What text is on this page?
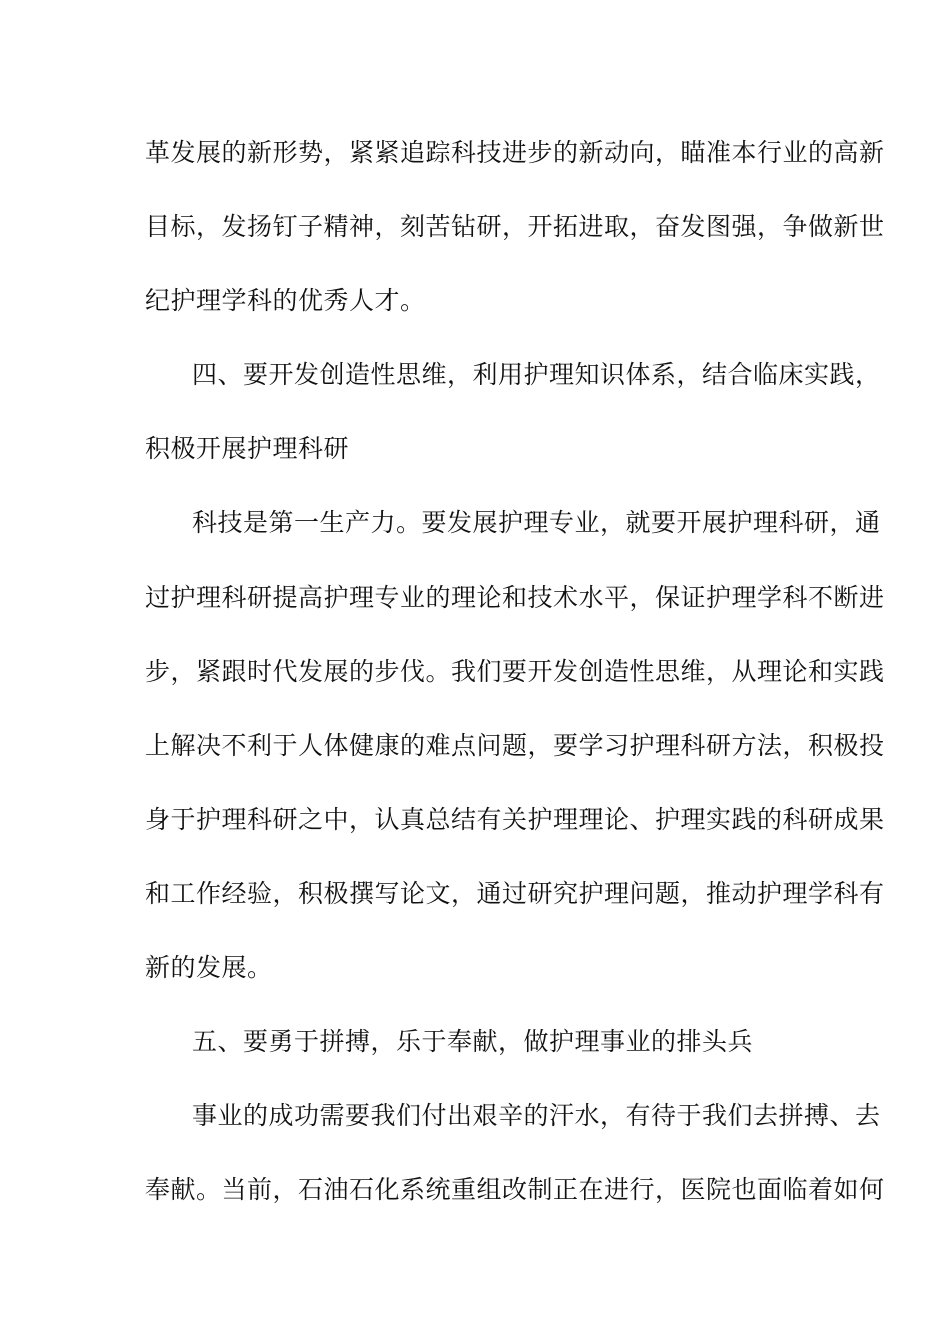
革发展的新形势，紧紧追踪科技进步的新动向，瞄准本行业的高新
目标，发扬钉子精神，刻苦钻研，开拓进取，奋发图强，争做新世
纪护理学科的优秀人才。
四、要开发创造性思维，利用护理知识体系，结合临床实践，
积极开展护理科研
科技是第一生产力。要发展护理专业，就要开展护理科研，通
过护理科研提高护理专业的理论和技术水平，保证护理学科不断进
步，紧跟时代发展的步伐。我们要开发创造性思维，从理论和实践
上解决不利于人体健康的难点问题，要学习护理科研方法，积极投
身于护理科研之中，认真总结有关护理理论、护理实践的科研成果
和工作经验，积极撰写论文，通过研究护理问题，推动护理学科有
新的发展。
五、要勇于拼搏，乐于奉献，做护理事业的排头兵
事业的成功需要我们付出艰辛的汗水，有待于我们去拼搏、去
奉献。当前，石油石化系统重组改制正在进行，医院也面临着如何
